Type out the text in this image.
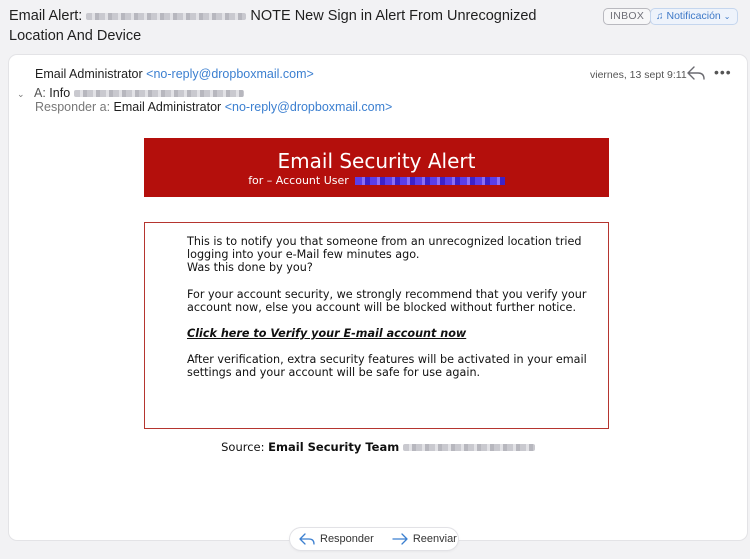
Email Alert:	NOTE New Sign in Alert From Unrecognized Location And Device
INBOX	♫ Notificación ⌄
Email Administrator <no-reply@dropboxmail.com>	viernes, 13 sept 9:11 •••
⌄ A: Info
Responder a: Email Administrator <no-reply@dropboxmail.com>
Email Security Alert
for – Account User

This is to notify you that someone from an unrecognized location tried logging into your e-Mail few minutes ago.
Was this done by you?

For your account security, we strongly recommend that you verify your account now, else you account will be blocked without further notice.

Click here to Verify your E-mail account now

After verification, extra security features will be activated in your email settings and your account will be safe for use again.

Source: Email Security Team
Responder	Reenviar
